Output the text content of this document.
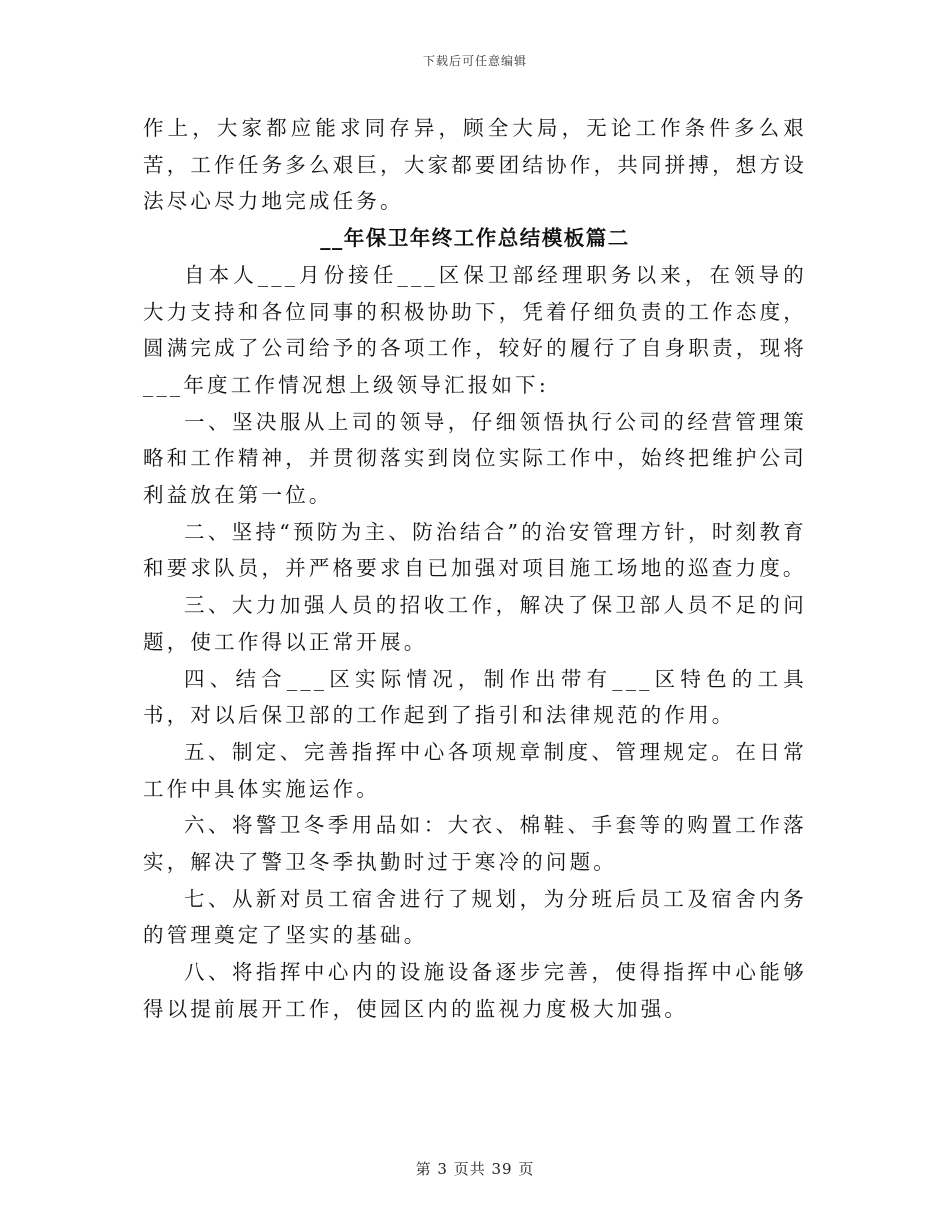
下载后可任意编辑

作上，大家都应能求同存异，顾全大局，无论工作条件多么艰苦，工作任务多么艰巨，大家都要团结协作，共同拼搏，想方设法尽心尽力地完成任务。

__年保卫年终工作总结模板篇二

自本人___月份接任___区保卫部经理职务以来，在领导的大力支持和各位同事的积极协助下，凭着仔细负责的工作态度，圆满完成了公司给予的各项工作，较好的履行了自身职责，现将___年度工作情况想上级领导汇报如下:

一、坚决服从上司的领导，仔细领悟执行公司的经营管理策略和工作精神，并贯彻落实到岗位实际工作中，始终把维护公司利益放在第一位。

二、坚持“预防为主、防治结合”的治安管理方针，时刻教育和要求队员，并严格要求自已加强对项目施工场地的巡查力度。

三、大力加强人员的招收工作，解决了保卫部人员不足的问题，使工作得以正常开展。

四、结合___区实际情况，制作出带有___区特色的工具书，对以后保卫部的工作起到了指引和法律规范的作用。

五、制定、完善指挥中心各项规章制度、管理规定。在日常工作中具体实施运作。

六、将警卫冬季用品如：大衣、棉鞋、手套等的购置工作落实，解决了警卫冬季执勤时过于寒冷的问题。

七、从新对员工宿舍进行了规划，为分班后员工及宿舍内务的管理奠定了坚实的基础。

八、将指挥中心内的设施设备逐步完善，使得指挥中心能够得以提前展开工作，使园区内的监视力度极大加强。

第 3 页共 39 页
